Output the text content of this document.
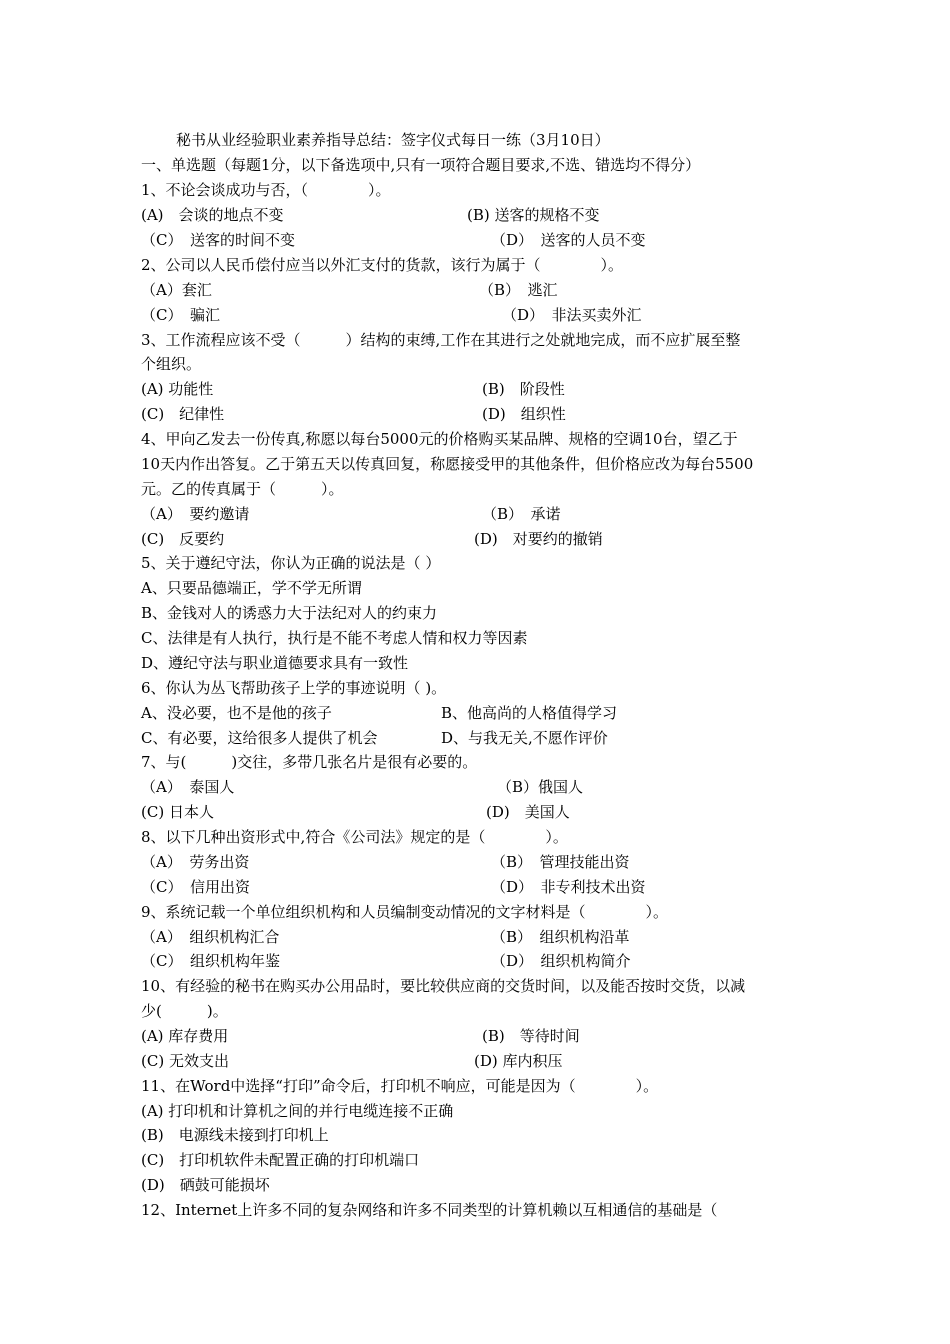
秘书从业经验职业素养指导总结：签字仪式每日一练（3月10日）
一、单选题（每题1分，以下备选项中,只有一项符合题目要求,不选、错选均不得分）
1、不论会谈成功与否，（　　　　）。
(A)　会谈的地点不变	(B) 送客的规格不变
（C）　送客的时间不变	（D）　送客的人员不变
2、公司以人民币偿付应当以外汇支付的货款，该行为属于（　　　　）。
（A）套汇	（B）　逃汇
（C）　骗汇	（D）　非法买卖外汇
3、工作流程应该不受（　　　）结构的束缚,工作在其进行之处就地完成，而不应扩展至整
个组织。
(A) 功能性	(B)　阶段性
(C)　纪律性	(D)　组织性
4、甲向乙发去一份传真,称愿以每台5000元的价格购买某品牌、规格的空调10台，望乙于
10天内作出答复。乙于第五天以传真回复，称愿接受甲的其他条件，但价格应改为每台5500
元。乙的传真属于（　　　）。
（A）　要约邀请	（B）　承诺
(C)　反要约	(D)　对要约的撤销
5、关于遵纪守法，你认为正确的说法是（ ）
A、只要品德端正，学不学无所谓
B、金钱对人的诱惑力大于法纪对人的约束力
C、法律是有人执行，执行是不能不考虑人情和权力等因素
D、遵纪守法与职业道德要求具有一致性
6、你认为丛飞帮助孩子上学的事迹说明（ )。
A、没必要，也不是他的孩子	B、他高尚的人格值得学习
C、有必要，这给很多人提供了机会	D、与我无关,不愿作评价
7、与(　　　)交往，多带几张名片是很有必要的。
（A）　泰国人	（B）俄国人
(C) 日本人	(D)　美国人
8、以下几种出资形式中,符合《公司法》规定的是（　　　　）。
（A）　劳务出资	（B）　管理技能出资
（C）　信用出资	（D）　非专利技术出资
9、系统记载一个单位组织机构和人员编制变动情况的文字材料是（　　　　）。
（A）　组织机构汇合	（B）　组织机构沿革
（C）　组织机构年鉴	（D）　组织机构简介
10、有经验的秘书在购买办公用品时，要比较供应商的交货时间，以及能否按时交货，以减
少(　　　)。
(A) 库存费用	(B)　等待时间
(C) 无效支出	(D) 库内积压
11、在Word中选择“打印”命令后，打印机不响应，可能是因为（　　　　）。
(A) 打印机和计算机之间的并行电缆连接不正确
(B)　电源线未接到打印机上
(C)　打印机软件未配置正确的打印机端口
(D)　硒鼓可能损坏
12、Internet上许多不同的复杂网络和许多不同类型的计算机赖以互相通信的基础是（
